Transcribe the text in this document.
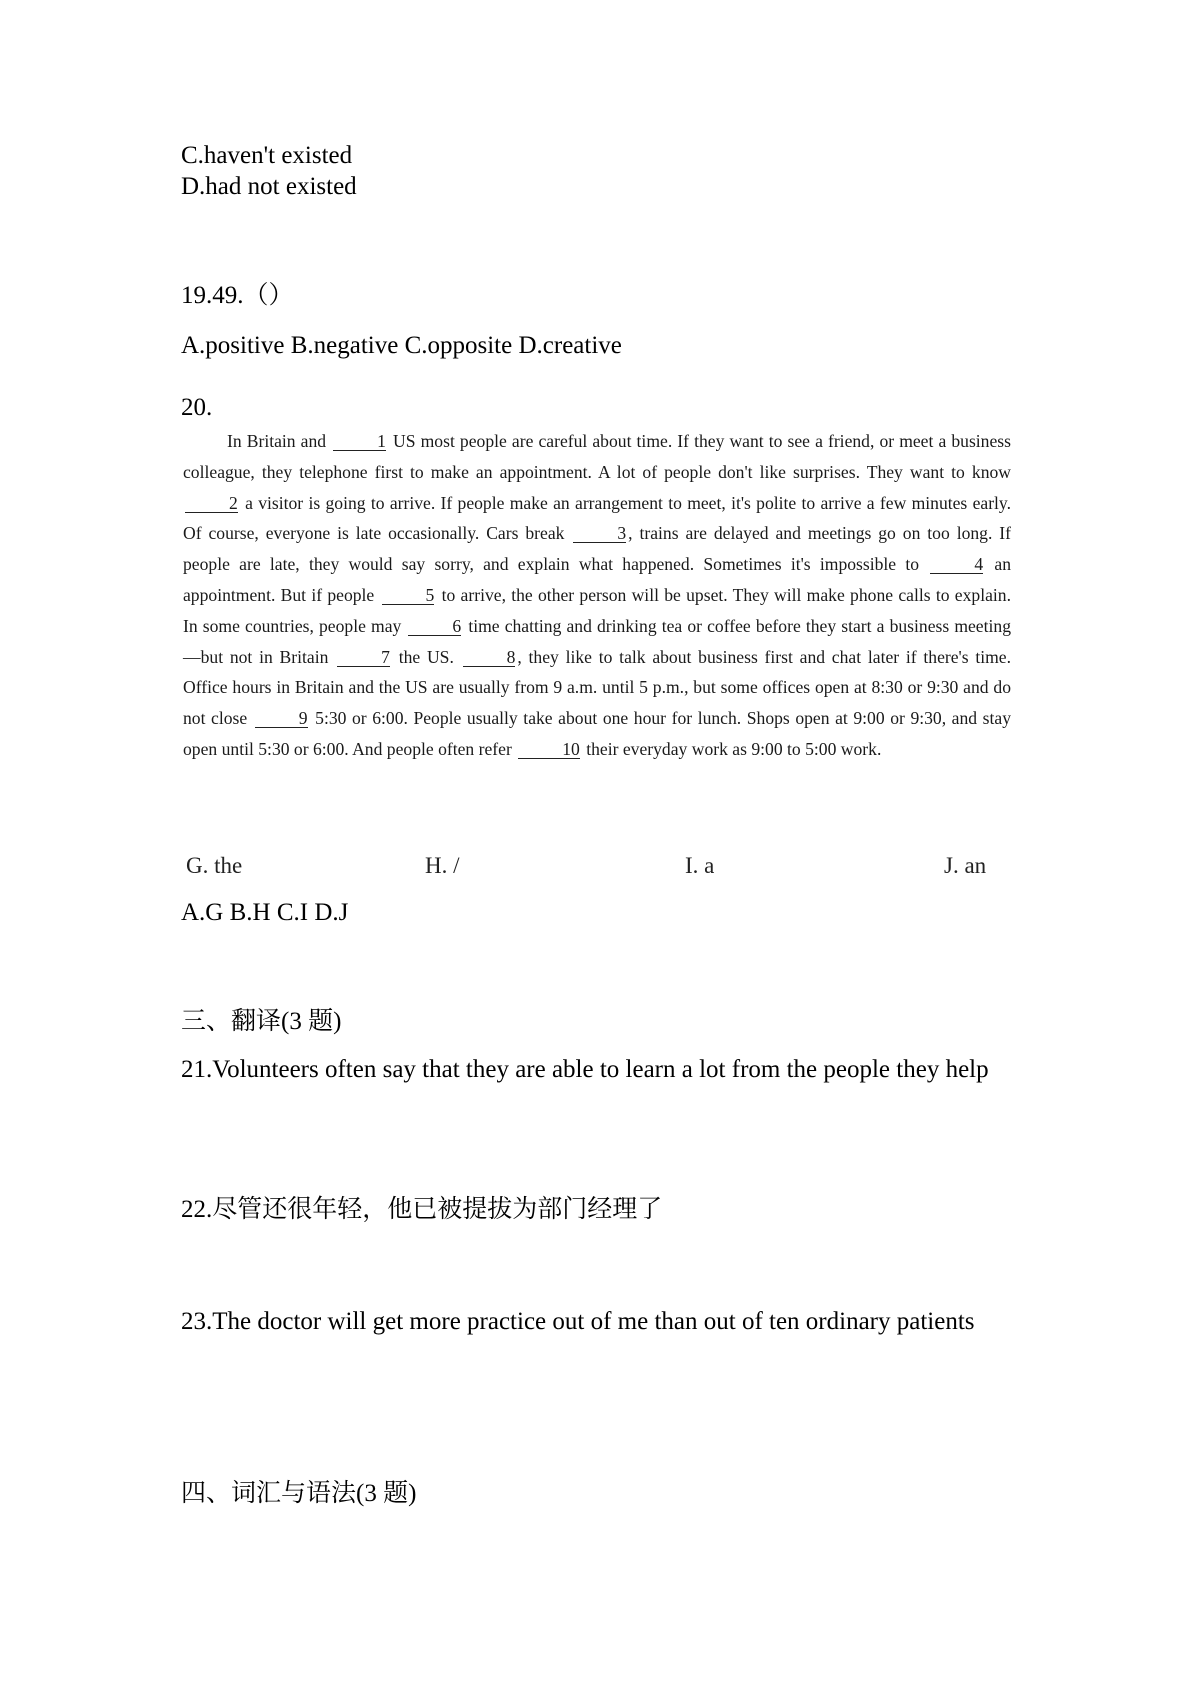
C.haven't existed
D.had not existed
19.49.（）
A.positive B.negative C.opposite D.creative
20.

In Britain and	1 US most people are careful about time. If they want to see a friend, or meet a business colleague, they telephone first to make an appointment. A lot of people don't like surprises. They want to know 2 a visitor is going to arrive. If people make an arrangement to meet, it's polite to arrive a few minutes early. Of course, everyone is late occasionally. Cars break	3 , trains are delayed and meetings go on too long. If people are late, they would say sorry, and explain what happened. Sometimes it's impossible to	4 an appointment. But if people	5 to arrive, the other person will be upset. They will make phone calls to explain. In some countries, people may	6 time chatting and drinking tea or coffee before they start a business meeting—but not in Britain	7 the US.	8 , they like to talk about business first and chat later if there's time. Office hours in Britain and the US are usually from 9 a.m. until 5 p.m., but some offices open at 8:30 or 9:30 and do not close	9 5:30 or 6:00. People usually take about one hour for lunch. Shops open at 9:00 or 9:30, and stay open until 5:30 or 6:00. And people often refer	10 their everyday work as 9:00 to 5:00 work.

G. the	H. /	I. a	J. an
A.G B.H C.I D.J
三、翻译(3 题)
21.Volunteers often say that they are able to learn a lot from the people they help
22.尽管还很年轻，他已被提拔为部门经理了
23.The doctor will get more practice out of me than out of ten ordinary patients
四、词汇与语法(3 题)
